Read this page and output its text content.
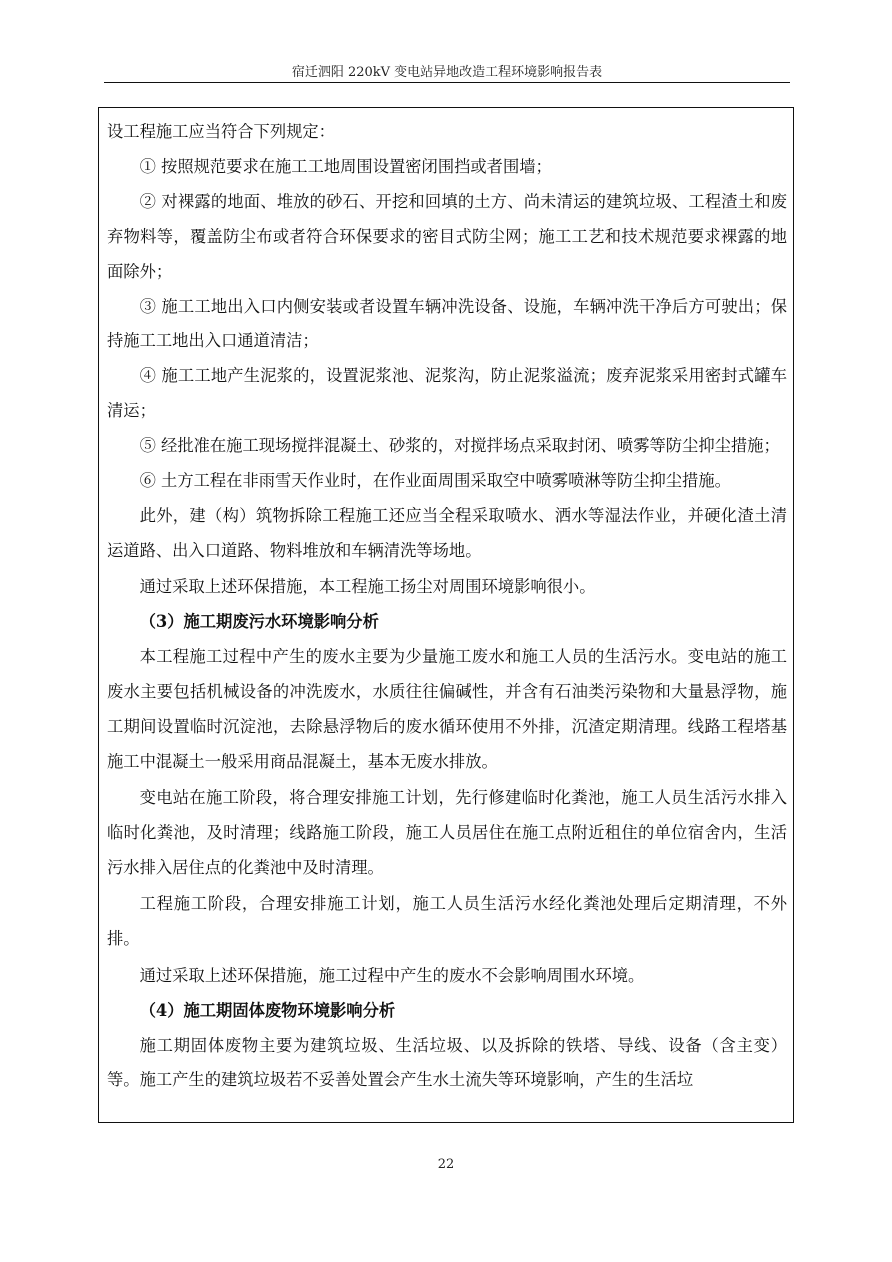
宿迁泗阳 220kV 变电站异地改造工程环境影响报告表

设工程施工应当符合下列规定：

① 按照规范要求在施工工地周围设置密闭围挡或者围墙；

② 对裸露的地面、堆放的砂石、开挖和回填的土方、尚未清运的建筑垃圾、工程渣土和废弃物料等，覆盖防尘布或者符合环保要求的密目式防尘网；施工工艺和技术规范要求裸露的地面除外；

③ 施工工地出入口内侧安装或者设置车辆冲洗设备、设施，车辆冲洗干净后方可驶出；保持施工工地出入口通道清洁；

④ 施工工地产生泥浆的，设置泥浆池、泥浆沟，防止泥浆溢流；废弃泥浆采用密封式罐车清运；

⑤ 经批准在施工现场搅拌混凝土、砂浆的，对搅拌场点采取封闭、喷雾等防尘抑尘措施；

⑥ 土方工程在非雨雪天作业时，在作业面周围采取空中喷雾喷淋等防尘抑尘措施。

此外，建（构）筑物拆除工程施工还应当全程采取喷水、洒水等湿法作业，并硬化渣土清运道路、出入口道路、物料堆放和车辆清洗等场地。

通过采取上述环保措施，本工程施工扬尘对周围环境影响很小。

（3）施工期废污水环境影响分析

本工程施工过程中产生的废水主要为少量施工废水和施工人员的生活污水。变电站的施工废水主要包括机械设备的冲洗废水，水质往往偏碱性，并含有石油类污染物和大量悬浮物，施工期间设置临时沉淀池，去除悬浮物后的废水循环使用不外排，沉渣定期清理。线路工程塔基施工中混凝土一般采用商品混凝土，基本无废水排放。

变电站在施工阶段，将合理安排施工计划，先行修建临时化粪池，施工人员生活污水排入临时化粪池，及时清理；线路施工阶段，施工人员居住在施工点附近租住的单位宿舍内，生活污水排入居住点的化粪池中及时清理。

工程施工阶段，合理安排施工计划，施工人员生活污水经化粪池处理后定期清理，不外排。

通过采取上述环保措施，施工过程中产生的废水不会影响周围水环境。

（4）施工期固体废物环境影响分析

施工期固体废物主要为建筑垃圾、生活垃圾、以及拆除的铁塔、导线、设备（含主变）等。施工产生的建筑垃圾若不妥善处置会产生水土流失等环境影响，产生的生活垃

22
